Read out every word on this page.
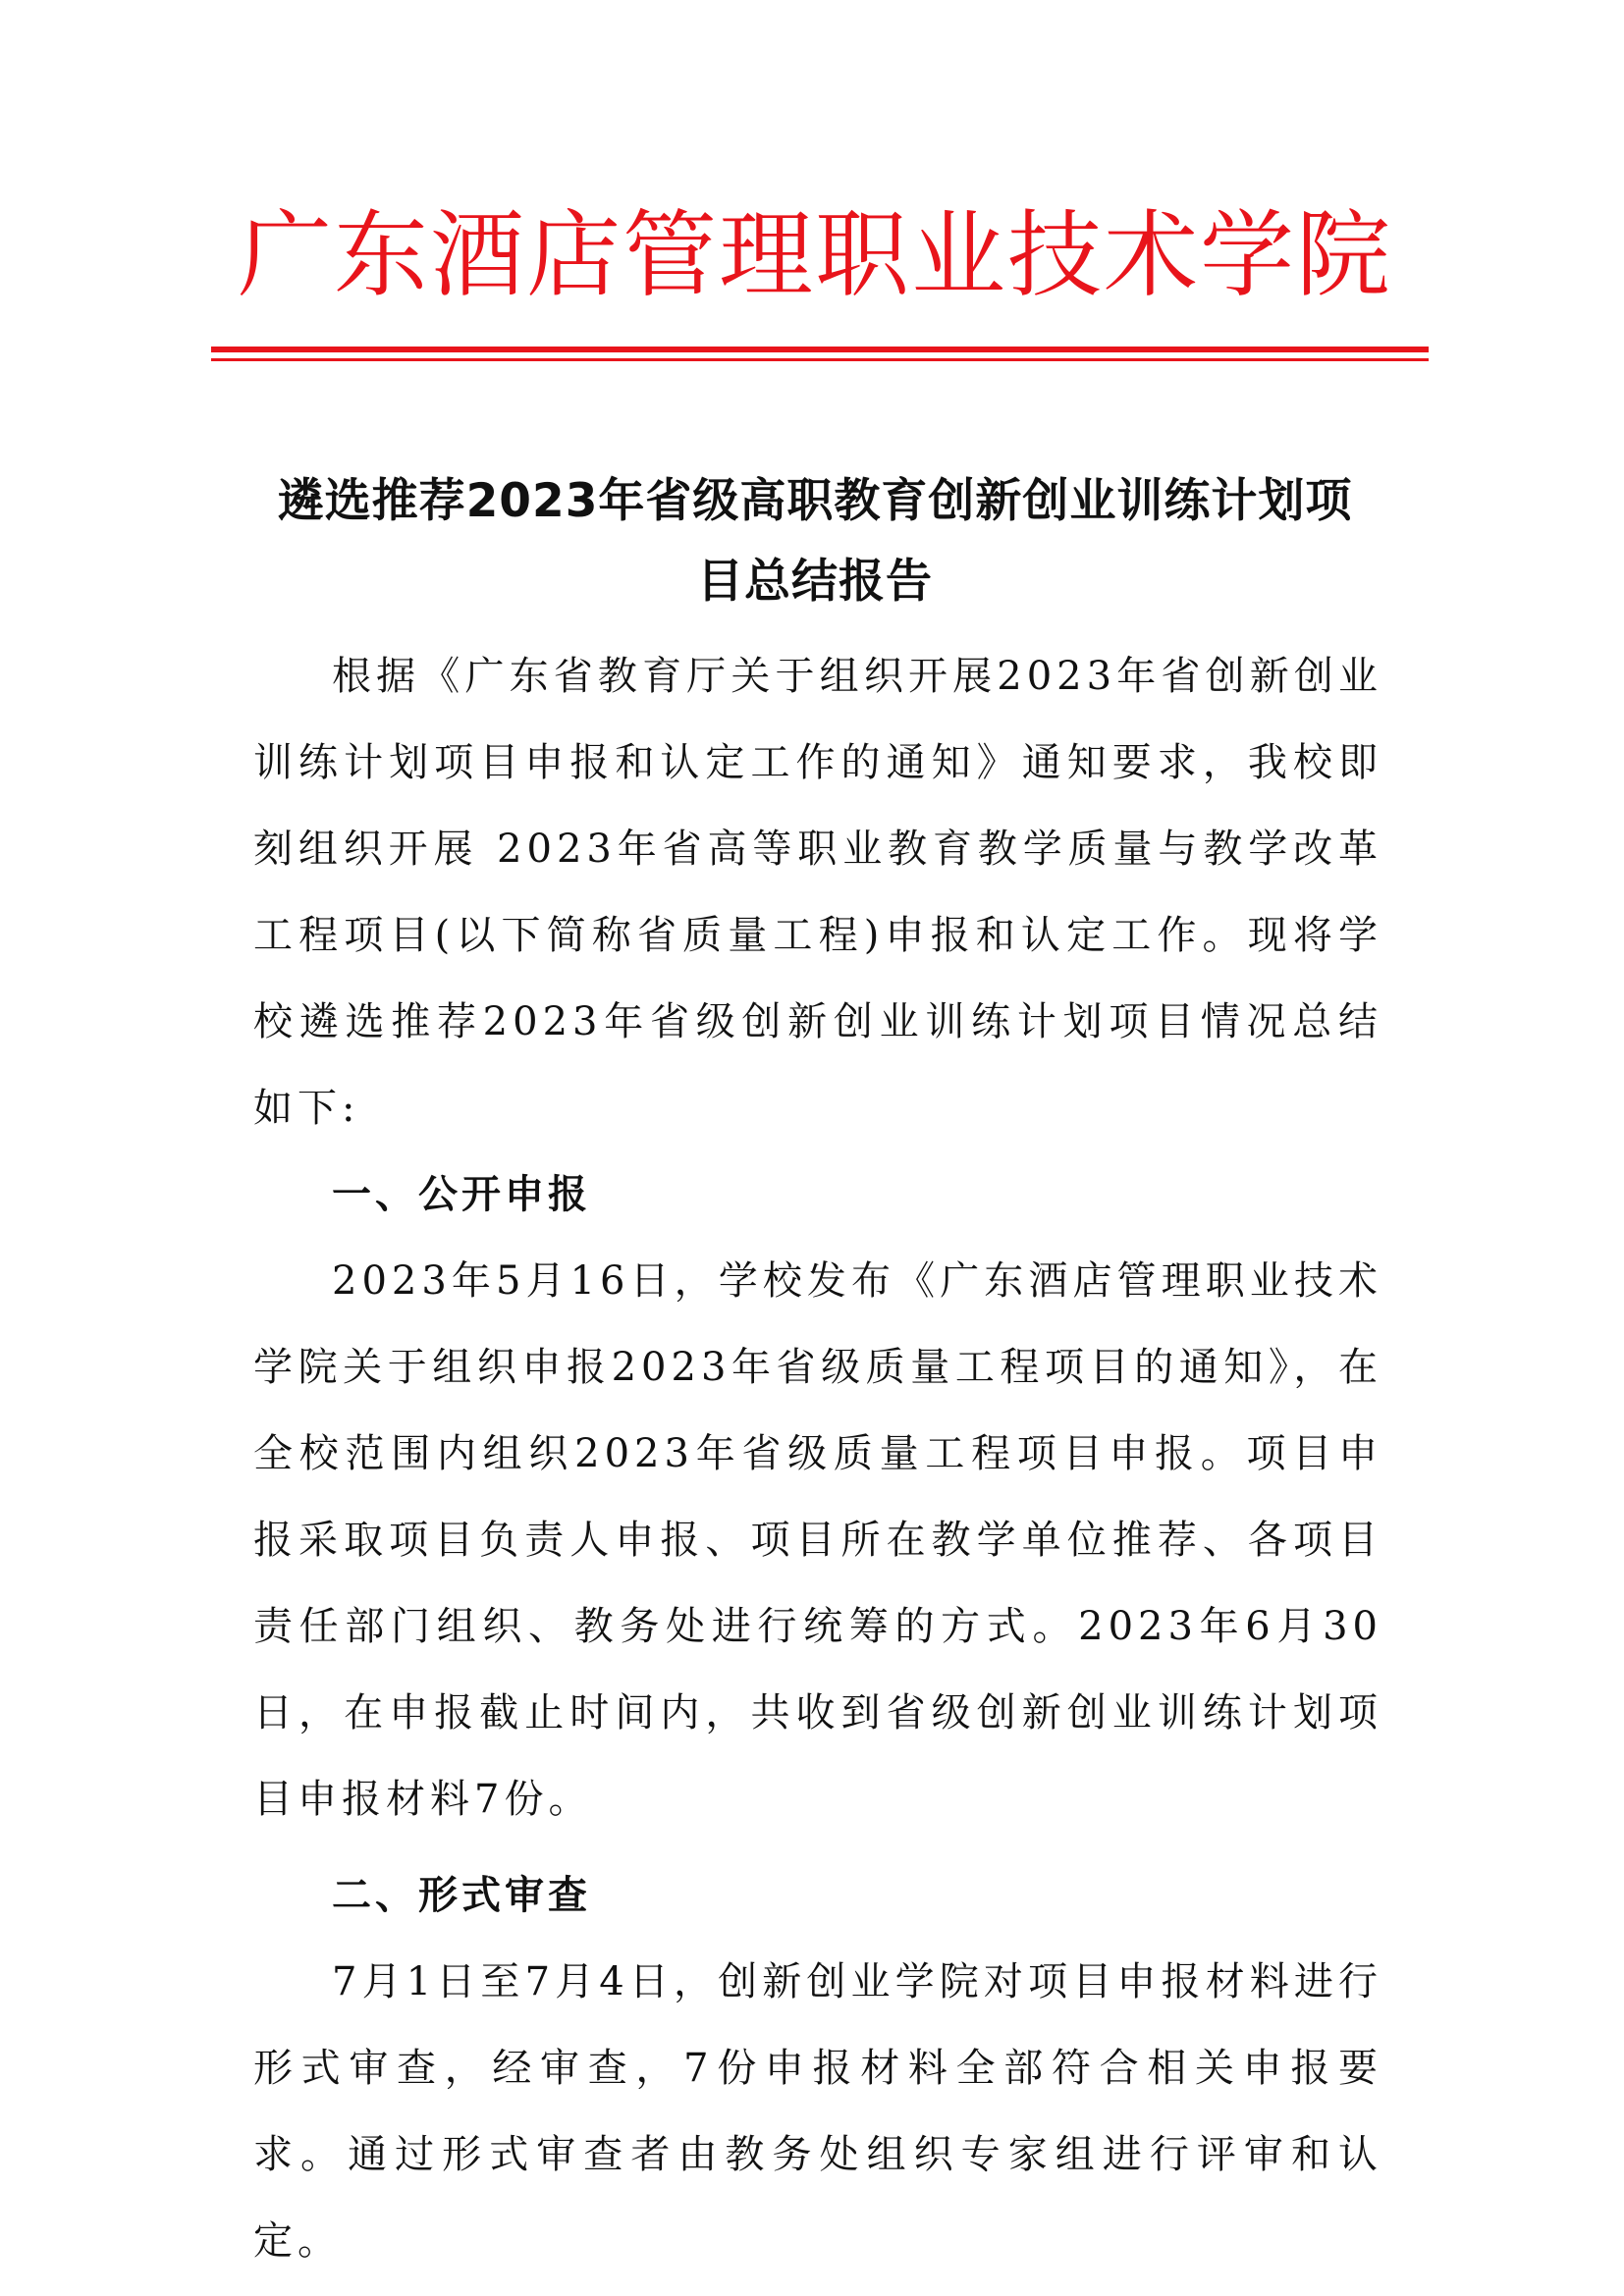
广东酒店管理职业技术学院
遴选推荐2023年省级高职教育创新创业训练计划项
目总结报告

根据《广东省教育厅关于组织开展2023年省创新创业训练计划项目申报和认定工作的通知》通知要求，我校即刻组织开展 2023年省高等职业教育教学质量与教学改革工程项目(以下简称省质量工程)申报和认定工作。现将学校遴选推荐2023年省级创新创业训练计划项目情况总结如下:

一、公开申报

2023年5月16日，学校发布《广东酒店管理职业技术学院关于组织申报2023年省级质量工程项目的通知》，在全校范围内组织2023年省级质量工程项目申报。项目申报采取项目负责人申报、项目所在教学单位推荐、各项目责任部门组织、教务处进行统筹的方式。2023年6月30日，在申报截止时间内，共收到省级创新创业训练计划项目申报材料7份。

二、形式审查

7月1日至7月4日，创新创业学院对项目申报材料进行形式审查，经审查，7份申报材料全部符合相关申报要求。通过形式审查者由教务处组织专家组进行评审和认定。
